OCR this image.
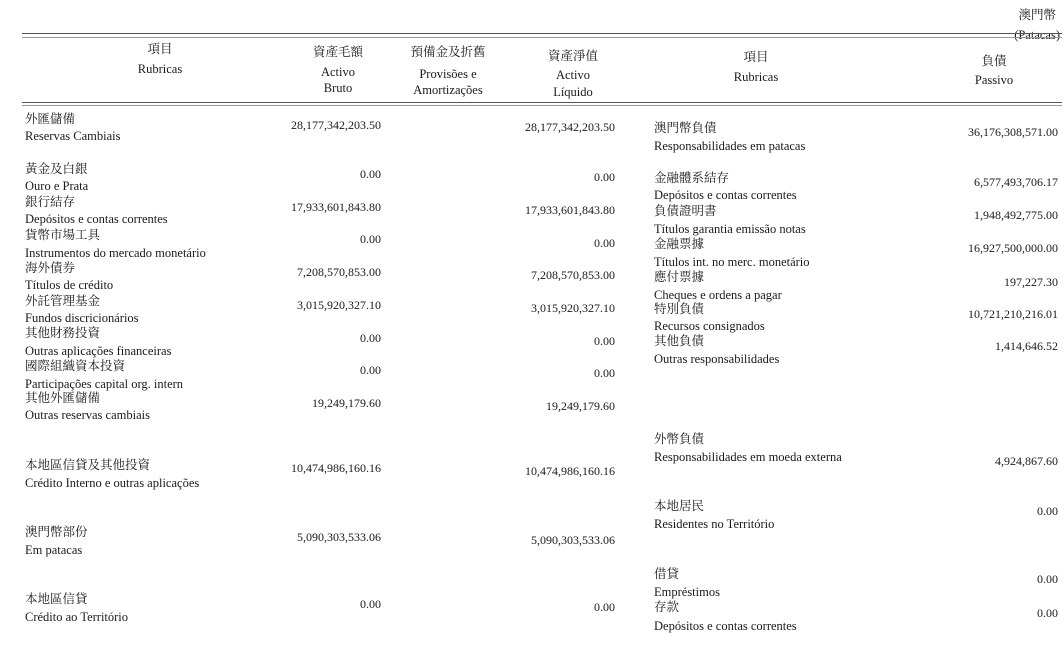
澳門幣
(Patacas)
項目
Rubricas
資產毛額
Activo
Bruto
預備金及折舊
Provisões e
Amortizações
資產淨值
Activo
Líquido
項目
Rubricas
負債
Passivo
外匯儲備
Reservas Cambiais
28,177,342,203.50	28,177,342,203.50
黃金及白銀
Ouro e Prata
0.00	0.00
銀行結存
Depósitos e contas correntes
17,933,601,843.80	17,933,601,843.80
貨幣市場工具
Instrumentos do mercado monetário
0.00	0.00
海外債券
Títulos de crédito
7,208,570,853.00	7,208,570,853.00
外託管理基金
Fundos discricionários
3,015,920,327.10	3,015,920,327.10
其他財務投資
Outras aplicações financeiras
0.00	0.00
國際組織資本投資
Participações capital org. intern
0.00	0.00
其他外匯儲備
Outras reservas cambiais
19,249,179.60	19,249,179.60
本地區信貸及其他投資
Crédito Interno e outras aplicações
10,474,986,160.16	10,474,986,160.16
澳門幣部份
Em patacas
5,090,303,533.06	5,090,303,533.06
本地區信貸
Crédito ao Território
0.00	0.00
澳門幣負債
Responsabilidades em patacas
36,176,308,571.00
金融體系結存
Depósitos e contas correntes
6,577,493,706.17
負債證明書
Títulos garantia emissão notas
1,948,492,775.00
金融票據
Títulos int. no merc. monetário
16,927,500,000.00
應付票據
Cheques e ordens a pagar
197,227.30
特別負債
Recursos consignados
10,721,210,216.01
其他負債
Outras responsabilidades
1,414,646.52
外幣負債
Responsabilidades em moeda externa	4,924,867.60
本地居民
Residentes no Território
0.00
借貸
Empréstimos
0.00
存款
Depósitos e contas correntes
0.00
